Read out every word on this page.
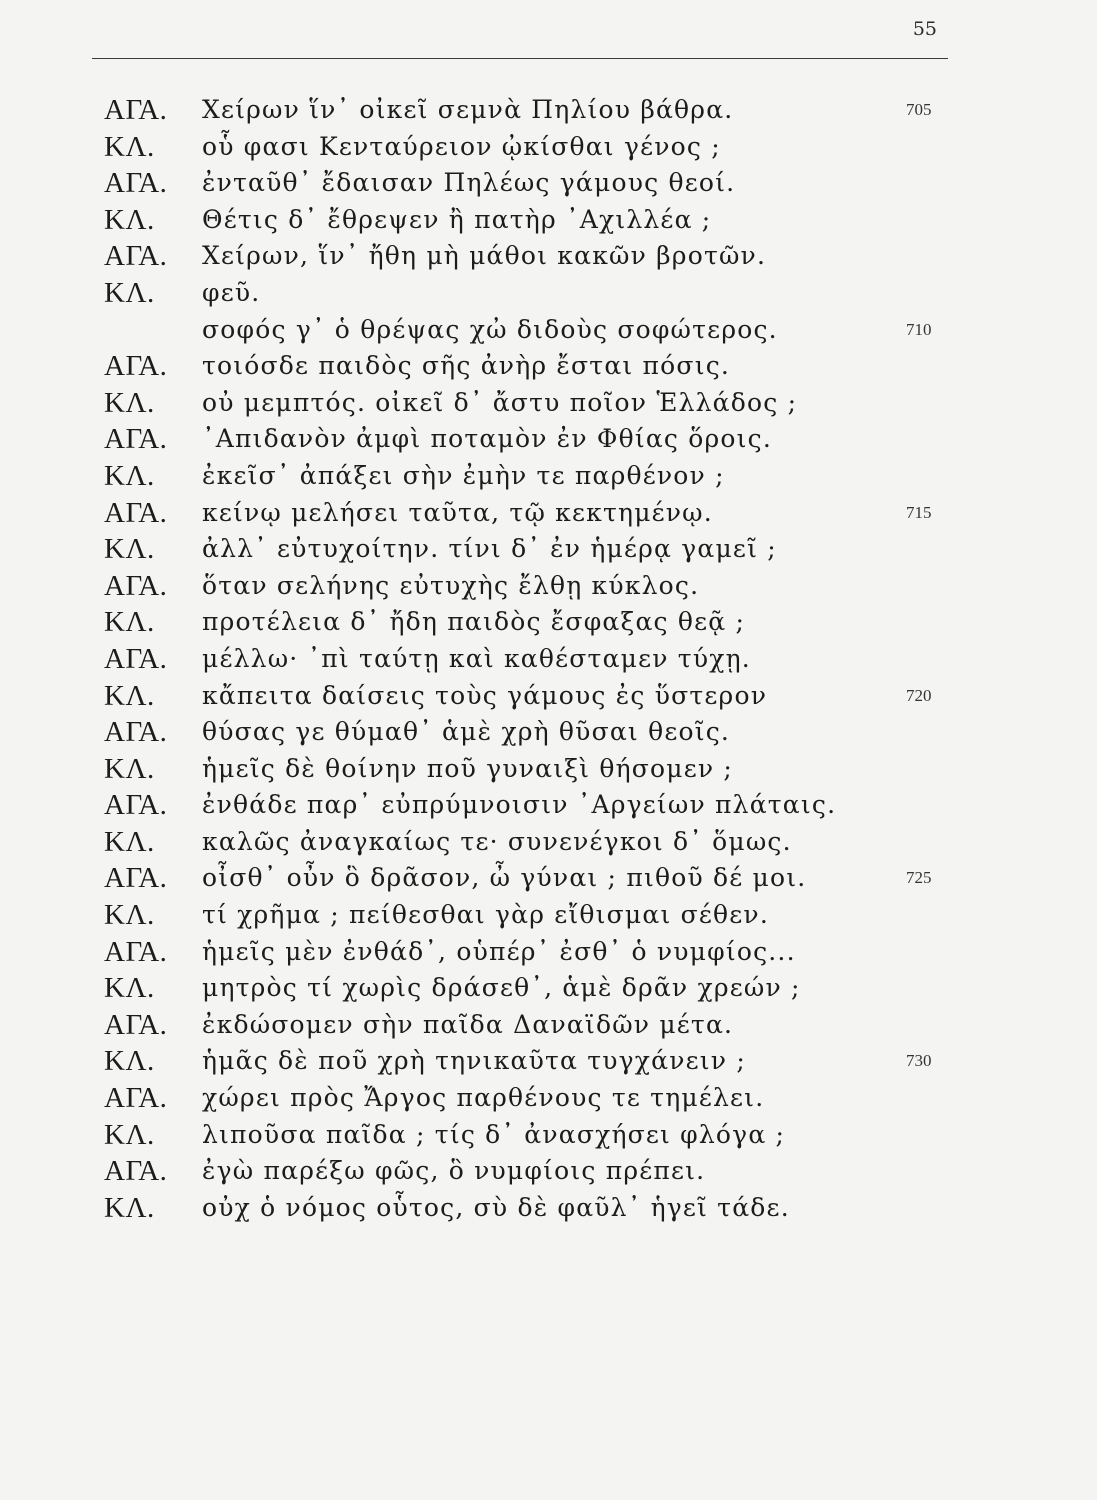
55
ΑΓΑ. Χείρων ἵν᾽ οἰκεῖ σεμνὰ Πηλίου βάθρα.	705
ΚΛ. οὗ φασι Κενταύρειον ᾠκίσθαι γένος ;
ΑΓΑ. ἐνταῦθ᾽ ἔδαισαν Πηλέως γάμους θεοί.
ΚΛ. Θέτις δ᾽ ἔθρεψεν ἢ πατὴρ ᾽Αχιλλέα ;
ΑΓΑ. Χείρων, ἵν᾽ ἤθη μὴ μάθοι κακῶν βροτῶν.
ΚΛ. φεῦ.
σοφός γ᾽ ὁ θρέψας χὠ διδοὺς σοφώτερος.	710
ΑΓΑ. τοιόσδε παιδὸς σῆς ἀνὴρ ἔσται πόσις.
ΚΛ. οὐ μεμπτός. οἰκεῖ δ᾽ ἄστυ ποῖον Ἑλλάδος ;
ΑΓΑ. ᾽Απιδανὸν ἀμφὶ ποταμὸν ἐν Φθίας ὅροις.
ΚΛ. ἐκεῖσ᾽ ἀπάξει σὴν ἐμὴν τε παρθένον ;
ΑΓΑ. κείνῳ μελήσει ταῦτα, τῷ κεκτημένῳ.	715
ΚΛ. ἀλλ᾽ εὐτυχοίτην. τίνι δ᾽ ἐν ἡμέρᾳ γαμεῖ ;
ΑΓΑ. ὅταν σελήνης εὐτυχὴς ἔλθῃ κύκλος.
ΚΛ. προτέλεια δ᾽ ἤδη παιδὸς ἔσφαξας θεᾷ ;
ΑΓΑ. μέλλω· ᾽πὶ ταύτῃ καὶ καθέσταμεν τύχῃ.
ΚΛ. κἄπειτα δαίσεις τοὺς γάμους ἐς ὕστερον	720
ΑΓΑ. θύσας γε θύμαθ᾽ ἁμὲ χρὴ θῦσαι θεοῖς.
ΚΛ. ἡμεῖς δὲ θοίνην ποῦ γυναιξὶ θήσομεν ;
ΑΓΑ. ἐνθάδε παρ᾽ εὐπρύμνοισιν ᾽Αργείων πλάταις.
ΚΛ. καλῶς ἀναγκαίως τε· συνενέγκοι δ᾽ ὅμως.
ΑΓΑ. οἶσθ᾽ οὖν ὃ δρᾶσον, ὦ γύναι ; πιθοῦ δέ μοι.	725
ΚΛ. τί χρῆμα ; πείθεσθαι γὰρ εἴθισμαι σέθεν.
ΑΓΑ. ἡμεῖς μὲν ἐνθάδ᾽, οὑπέρ᾽ ἐσθ᾽ ὁ νυμφίος...
ΚΛ. μητρὸς τί χωρὶς δράσεθ᾽, ἁμὲ δρᾶν χρεών ;
ΑΓΑ. ἐκδώσομεν σὴν παῖδα Δαναϊδῶν μέτα.
ΚΛ. ἡμᾶς δὲ ποῦ χρὴ τηνικαῦτα τυγχάνειν ;	730
ΑΓΑ. χώρει πρὸς Ἄργος παρθένους τε τημέλει.
ΚΛ. λιποῦσα παῖδα ; τίς δ᾽ ἀνασχήσει φλόγα ;
ΑΓΑ. ἐγὼ παρέξω φῶς, ὃ νυμφίοις πρέπει.
ΚΛ. οὐχ ὁ νόμος οὗτος, σὺ δὲ φαῦλ᾽ ἡγεῖ τάδε.
